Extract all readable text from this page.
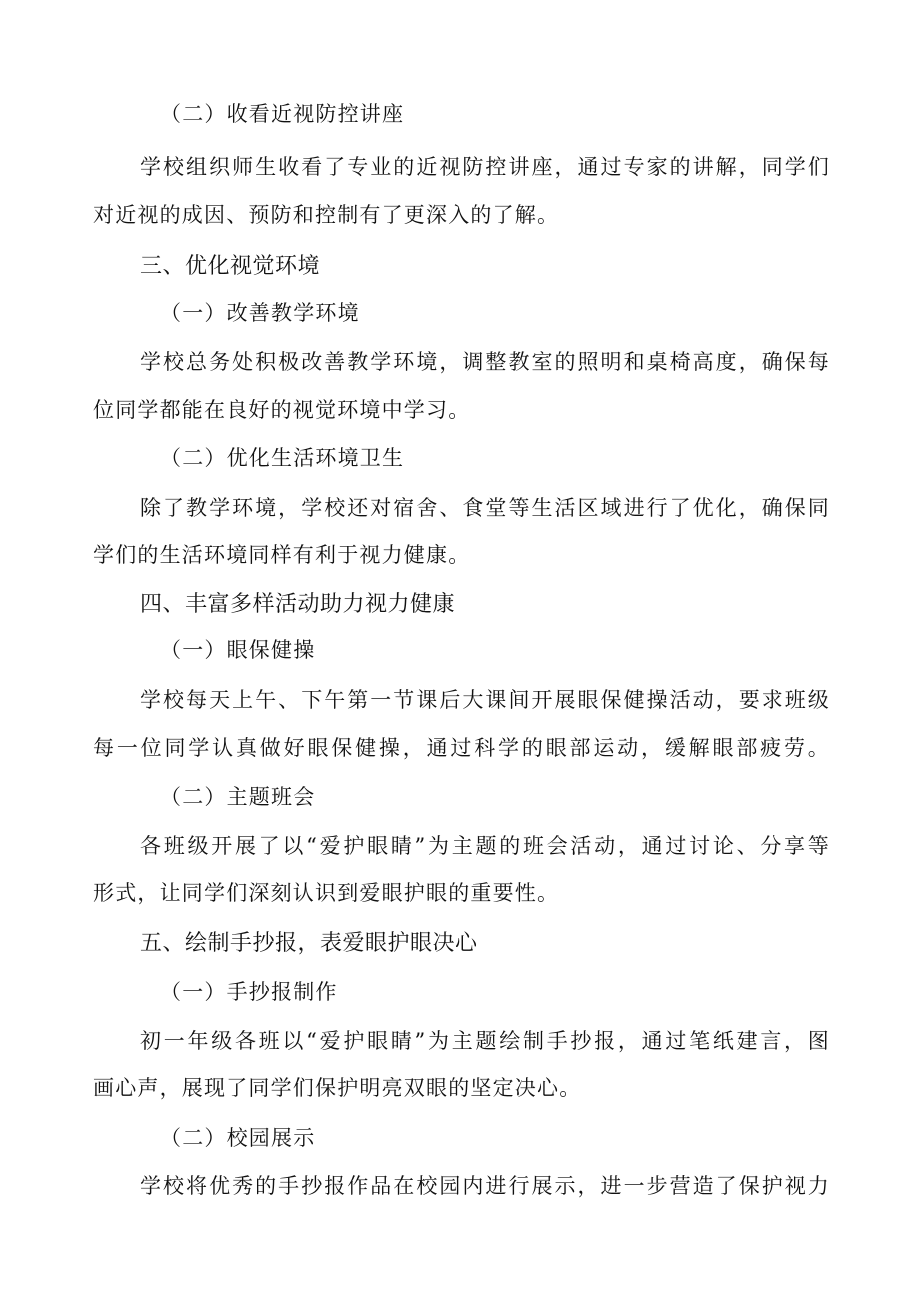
（二）收看近视防控讲座
学校组织师生收看了专业的近视防控讲座，通过专家的讲解，同学们
对近视的成因、预防和控制有了更深入的了解。
三、优化视觉环境
（一）改善教学环境
学校总务处积极改善教学环境，调整教室的照明和桌椅高度，确保每
位同学都能在良好的视觉环境中学习。
（二）优化生活环境卫生
除了教学环境，学校还对宿舍、食堂等生活区域进行了优化，确保同
学们的生活环境同样有利于视力健康。
四、丰富多样活动助力视力健康
（一）眼保健操
学校每天上午、下午第一节课后大课间开展眼保健操活动，要求班级
每一位同学认真做好眼保健操，通过科学的眼部运动，缓解眼部疲劳。
（二）主题班会
各班级开展了以“爱护眼睛”为主题的班会活动，通过讨论、分享等
形式，让同学们深刻认识到爱眼护眼的重要性。
五、绘制手抄报，表爱眼护眼决心
（一）手抄报制作
初一年级各班以“爱护眼睛”为主题绘制手抄报，通过笔纸建言，图
画心声，展现了同学们保护明亮双眼的坚定决心。
（二）校园展示
学校将优秀的手抄报作品在校园内进行展示，进一步营造了保护视力
